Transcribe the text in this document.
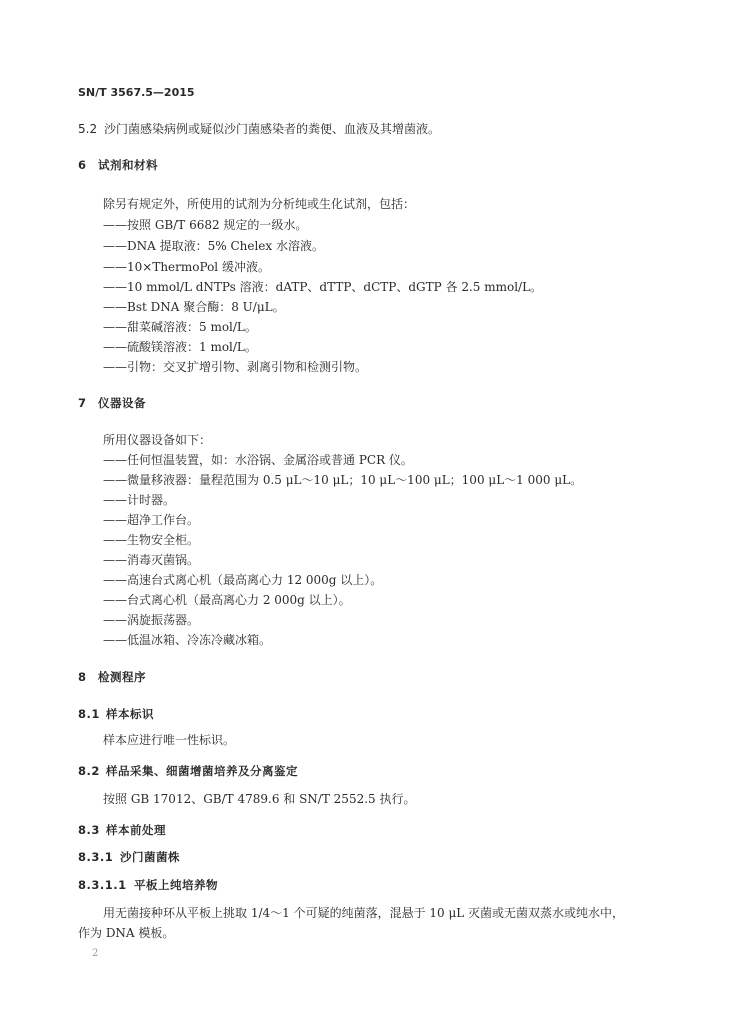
SN/T 3567.5—2015
5.2 沙门菌感染病例或疑似沙门菌感染者的粪便、血液及其增菌液。
6 试剂和材料
除另有规定外，所使用的试剂为分析纯或生化试剂，包括：
——按照 GB/T 6682 规定的一级水。
——DNA 提取液：5% Chelex 水溶液。
——10×ThermoPol 缓冲液。
——10 mmol/L dNTPs 溶液：dATP、dTTP、dCTP、dGTP 各 2.5 mmol/L。
——Bst DNA 聚合酶：8 U/μL。
——甜菜碱溶液：5 mol/L。
——硫酸镁溶液：1 mol/L。
——引物：交叉扩增引物、剥离引物和检测引物。
7 仪器设备
所用仪器设备如下：
——任何恒温装置，如：水浴锅、金属浴或普通 PCR 仪。
——微量移液器：量程范围为 0.5 μL～10 μL；10 μL～100 μL；100 μL～1 000 μL。
——计时器。
——超净工作台。
——生物安全柜。
——消毒灭菌锅。
——高速台式离心机（最高离心力 12 000g 以上）。
——台式离心机（最高离心力 2 000g 以上）。
——涡旋振荡器。
——低温冰箱、冷冻冷藏冰箱。
8 检测程序
8.1 样本标识
样本应进行唯一性标识。
8.2 样品采集、细菌增菌培养及分离鉴定
按照 GB 17012、GB/T 4789.6 和 SN/T 2552.5 执行。
8.3 样本前处理
8.3.1 沙门菌菌株
8.3.1.1 平板上纯培养物
用无菌接种环从平板上挑取 1/4～1 个可疑的纯菌落，混悬于 10 μL 灭菌或无菌双蒸水或纯水中，
作为 DNA 模板。
2
